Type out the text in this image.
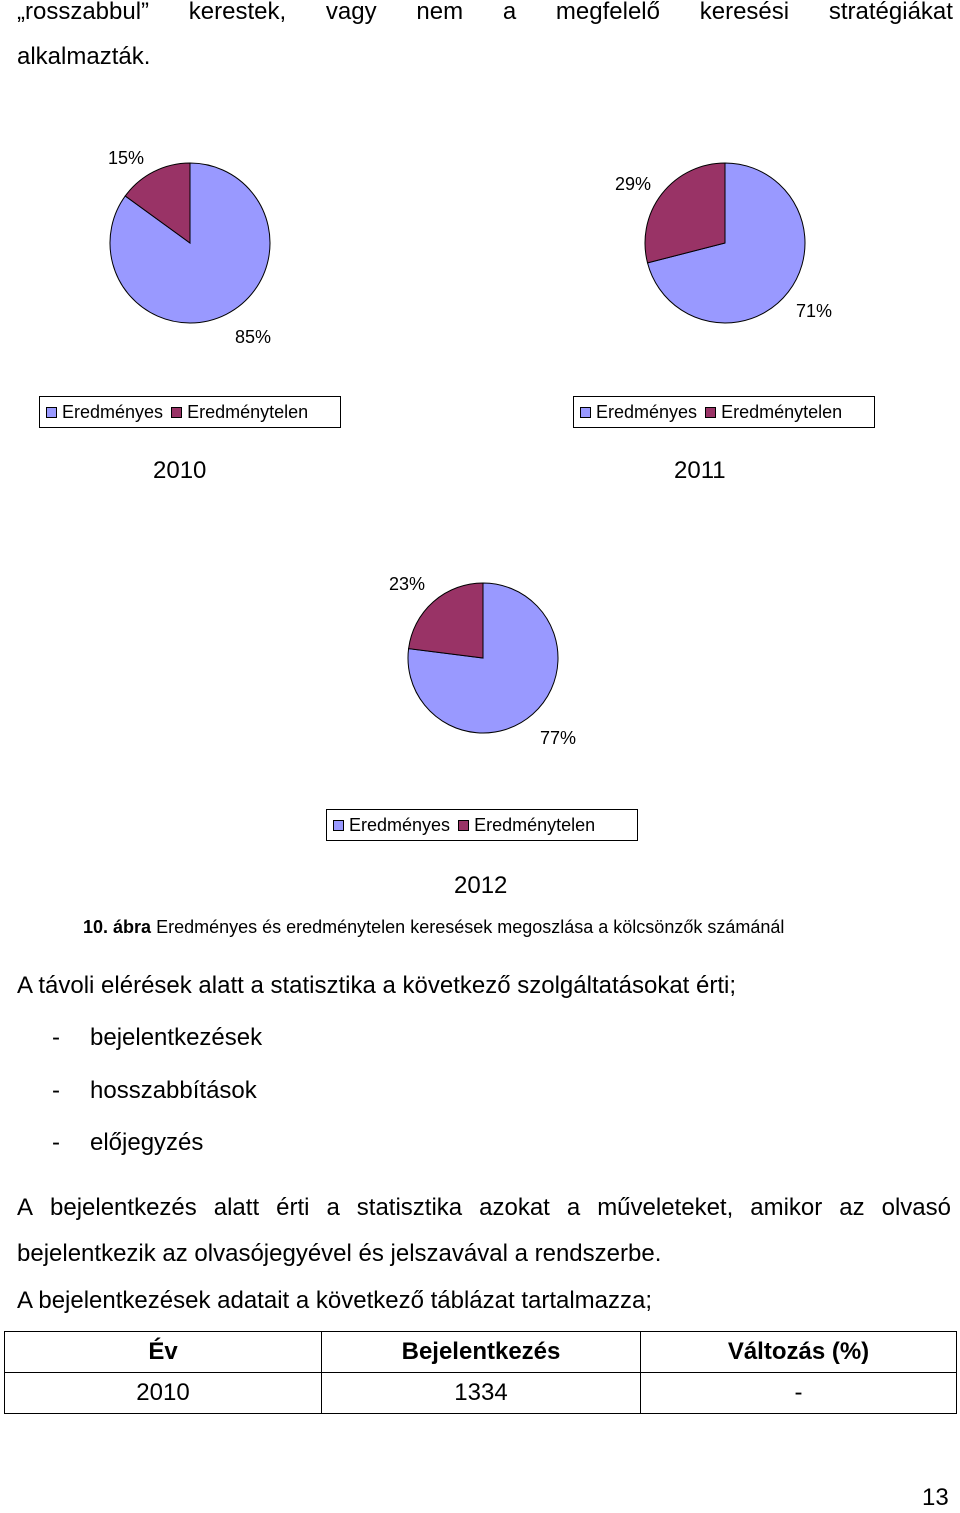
„rosszabbul” kerestek, vagy nem a megfelelő keresési stratégiákat
alkalmazták.
15%
85%
29%
71%
23%
77%
Eredményes Eredménytelen	Eredményes Eredménytelen
Eredményes Eredménytelen
2010	2011
2012
10. ábra Eredményes és eredménytelen keresések megoszlása a kölcsönzők számánál
A távoli elérések alatt a statisztika a következő szolgáltatásokat érti;
- bejelentkezések
- hosszabbítások
- előjegyzés
A bejelentkezés alatt érti a statisztika azokat a műveleteket, amikor az olvasó
bejelentkezik az olvasójegyével és jelszavával a rendszerbe.
A bejelentkezések adatait a következő táblázat tartalmazza;
Év	Bejelentkezés	Változás (%)
2010	1334	-
13
